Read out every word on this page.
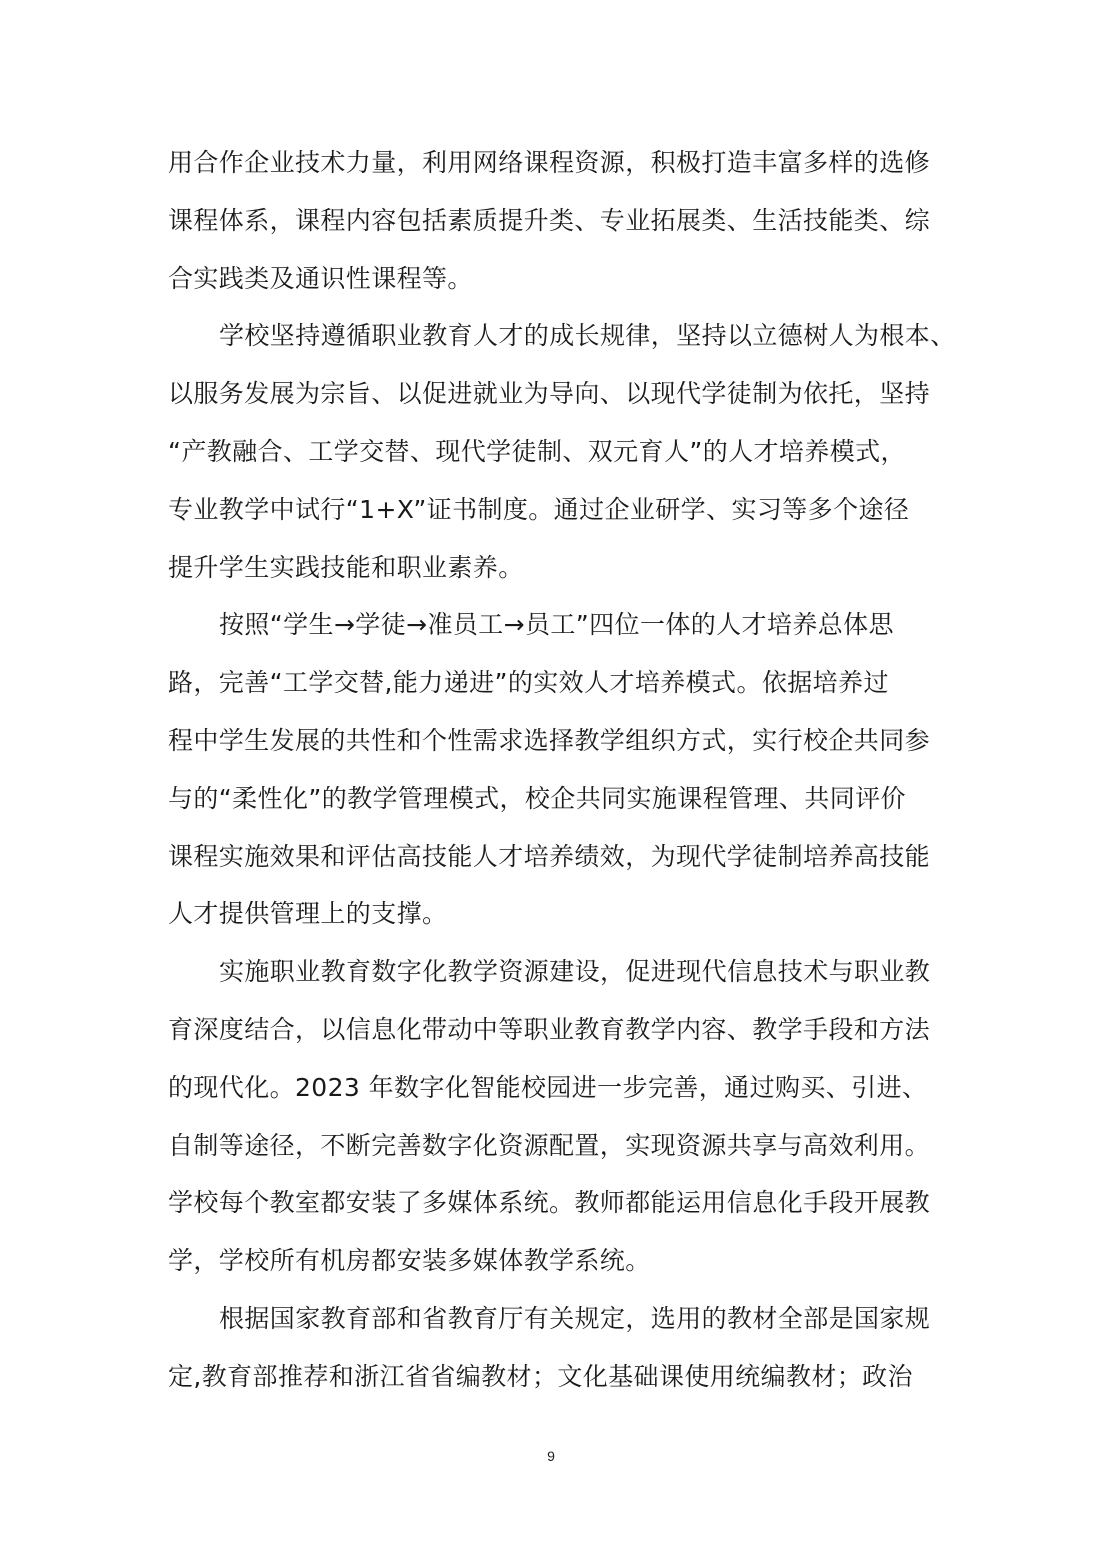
用合作企业技术力量，利用网络课程资源，积极打造丰富多样的选修
课程体系，课程内容包括素质提升类、专业拓展类、生活技能类、综
合实践类及通识性课程等。
学校坚持遵循职业教育人才的成长规律，坚持以立德树人为根本、
以服务发展为宗旨、以促进就业为导向、以现代学徒制为依托，坚持
“产教融合、工学交替、现代学徒制、双元育人”的人才培养模式，
专业教学中试行“1+X”证书制度。通过企业研学、实习等多个途径
提升学生实践技能和职业素养。
按照“学生→学徒→准员工→员工”四位一体的人才培养总体思
路，完善“工学交替,能力递进”的实效人才培养模式。依据培养过
程中学生发展的共性和个性需求选择教学组织方式，实行校企共同参
与的“柔性化”的教学管理模式，校企共同实施课程管理、共同评价
课程实施效果和评估高技能人才培养绩效，为现代学徒制培养高技能
人才提供管理上的支撑。
实施职业教育数字化教学资源建设，促进现代信息技术与职业教
育深度结合，以信息化带动中等职业教育教学内容、教学手段和方法
的现代化。2023 年数字化智能校园进一步完善，通过购买、引进、
自制等途径，不断完善数字化资源配置，实现资源共享与高效利用。
学校每个教室都安装了多媒体系统。教师都能运用信息化手段开展教
学，学校所有机房都安装多媒体教学系统。
根据国家教育部和省教育厅有关规定，选用的教材全部是国家规
定,教育部推荐和浙江省省编教材；文化基础课使用统编教材；政治
9
